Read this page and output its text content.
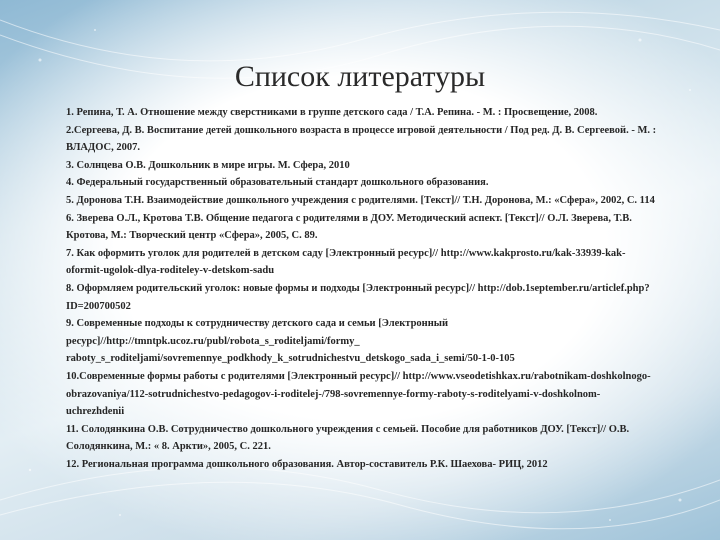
Список литературы
1. Репина, Т. А. Отношение между сверстниками в группе детского сада / Т.А. Репина. - М. : Просвещение, 2008.
2.Сергеева, Д. В. Воспитание детей дошкольного возраста в процессе игровой деятельности / Под ред. Д. В. Сергеевой. - М. : ВЛАДОС, 2007.
3. Солнцева О.В. Дошкольник в мире игры. М. Сфера, 2010
4. Федеральный государственный образовательный стандарт дошкольного образования.
5. Доронова Т.Н. Взаимодействие дошкольного учреждения с родителями. [Текст]// Т.Н. Доронова, М.: «Сфера», 2002, С. 114
6. Зверева О.Л., Кротова Т.В. Общение педагога с родителями в ДОУ. Методический аспект. [Текст]// О.Л. Зверева, Т.В. Кротова, М.: Творческий центр «Сфера», 2005, С. 89.
7. Как оформить уголок для родителей в детском саду [Электронный ресурс]// http://www.kakprosto.ru/kak-33939-kak-oformit-ugolok-dlya-roditeley-v-detskom-sadu
8. Оформляем родительский уголок: новые формы и подходы [Электронный ресурс]// http://dob.1september.ru/articlef.php?ID=200700502
9. Современные подходы к сотрудничеству детского сада и семьи [Электронный ресурс]//http://tmntpk.ucoz.ru/publ/robota_s_roditeljami/formy_ raboty_s_roditeljami/sovremennye_podkhody_k_sotrudnichestvu_detskogo_sada_i_semi/50-1-0-105
10.Современные формы работы с родителями [Электронный ресурс]// http://www.vseodetishkax.ru/rabotnikam-doshkolnogo-obrazovaniya/112-sotrudnichestvo-pedagogov-i-roditelej-/798-sovremennye-formy-raboty-s-roditelyami-v-doshkolnom-uchrezhdenii
11. Солодянкина О.В. Сотрудничество дошкольного учреждения с семьей. Пособие для работников ДОУ. [Текст]// О.В. Солодянкина, М.: « 8. Аркти», 2005, С. 221.
12. Региональная программа дошкольного образования. Автор-составитель Р.К. Шаехова- РИЦ, 2012
